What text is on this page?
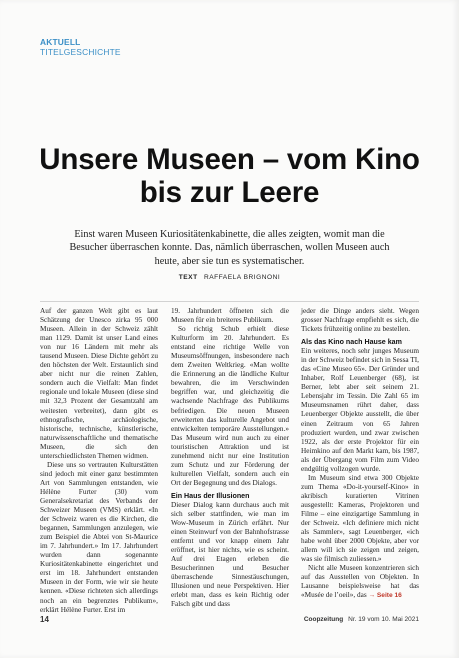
AKTUELL
TITELGESCHICHTE
Unsere Museen – vom Kino bis zur Leere

Einst waren Museen Kuriositätenkabinette, die alles zeigten, womit man die Besucher überraschen konnte. Das, nämlich überraschen, wollen Museen auch heute, aber sie tun es systematischer.

TEXT RAFFAELA BRIGNONI

Auf der ganzen Welt gibt es laut Schätzung der Unesco zirka 95 000 Museen. Allein in der Schweiz zählt man 1129. Damit ist unser Land eines von nur 16 Ländern mit mehr als tausend Museen. Diese Dichte gehört zu den höchsten der Welt. Erstaunlich sind aber nicht nur die reinen Zahlen, sondern auch die Vielfalt: Man findet regionale und lokale Museen (diese sind mit 32,3 Prozent der Gesamtzahl am weitesten verbreitet), dann gibt es ethnografische, archäologische, historische, technische, künstlerische, naturwissenschaftliche und thematische Museen, die sich den unterschiedlichsten Themen widmen.

Diese uns so vertrauten Kulturstätten sind jedoch mit einer ganz bestimmten Art von Sammlungen entstanden, wie Hélène Furter (30) vom Generalsekretariat des Verbands der Schweizer Museen (VMS) erklärt. «In der Schweiz waren es die Kirchen, die begannen, Sammlungen anzulegen, wie zum Beispiel die Abtei von St-Maurice im 7. Jahrhundert.» Im 17. Jahrhundert wurden dann sogenannte Kuriositätenkabinette eingerichtet und erst im 18. Jahrhundert entstanden Museen in der Form, wie wir sie heute kennen. «Diese richteten sich allerdings noch an ein begrenztes Publikum», erklärt Hélène Furter. Erst im

19. Jahrhundert öffneten sich die Museen für ein breiteres Publikum.

So richtig Schub erhielt diese Kulturform im 20. Jahrhundert. Es entstand eine richtige Welle von Museumsöffnungen, insbesondere nach dem Zweiten Weltkrieg. «Man wollte die Erinnerung an die ländliche Kultur bewahren, die im Verschwinden begriffen war, und gleichzeitig die wachsende Nachfrage des Publikums befriedigen. Die neuen Museen erweiterten das kulturelle Angebot und entwickelten temporäre Ausstellungen.» Das Museum wird nun auch zu einer touristischen Attraktion und ist zunehmend nicht nur eine Institution zum Schutz und zur Förderung der kulturellen Vielfalt, sondern auch ein Ort der Begegnung und des Dialogs.

Ein Haus der Illusionen

Dieser Dialog kann durchaus auch mit sich selber stattfinden, wie man im Wow-Museum in Zürich erfährt. Nur einen Steinwurf von der Bahnhofstrasse entfernt und vor knapp einem Jahr eröffnet, ist hier nichts, wie es scheint. Auf drei Etagen erleben die Besucherinnen und Besucher überraschende Sinnestäuschungen, Illusionen und neue Perspektiven. Hier erlebt man, dass es kein Richtig oder Falsch gibt und dass

jeder die Dinge anders sieht. Wegen grosser Nachfrage empfiehlt es sich, die Tickets frühzeitig online zu bestellen.

Als das Kino nach Hause kam

Ein weiteres, noch sehr junges Museum in der Schweiz befindet sich in Sessa TI, das «Cine Museo 65». Der Gründer und Inhaber, Rolf Leuenberger (68), ist Berner, lebt aber seit seinem 21. Lebensjahr im Tessin. Die Zahl 65 im Museumsnamen rührt daher, dass Leuenberger Objekte ausstellt, die über einen Zeitraum von 65 Jahren produziert wurden, und zwar zwischen 1922, als der erste Projektor für ein Heimkino auf den Markt kam, bis 1987, als der Übergang vom Film zum Video endgültig vollzogen wurde.

Im Museum sind etwa 300 Objekte zum Thema «Do-it-yourself-Kino» in akribisch kuratierten Vitrinen ausgestellt: Kameras, Projektoren und Filme – eine einzigartige Sammlung in der Schweiz. «Ich definiere mich nicht als Sammler», sagt Leuenberger, «ich habe wohl über 2000 Objekte, aber vor allem will ich sie zeigen und zeigen, was sie filmisch zuliessen.»

Nicht alle Museen konzentrieren sich auf das Ausstellen von Objekten. In Lausanne beispielsweise hat das «Musée de l’oeil», das → Seite 16

14	Coopzeitung Nr. 19 vom 10. Mai 2021
